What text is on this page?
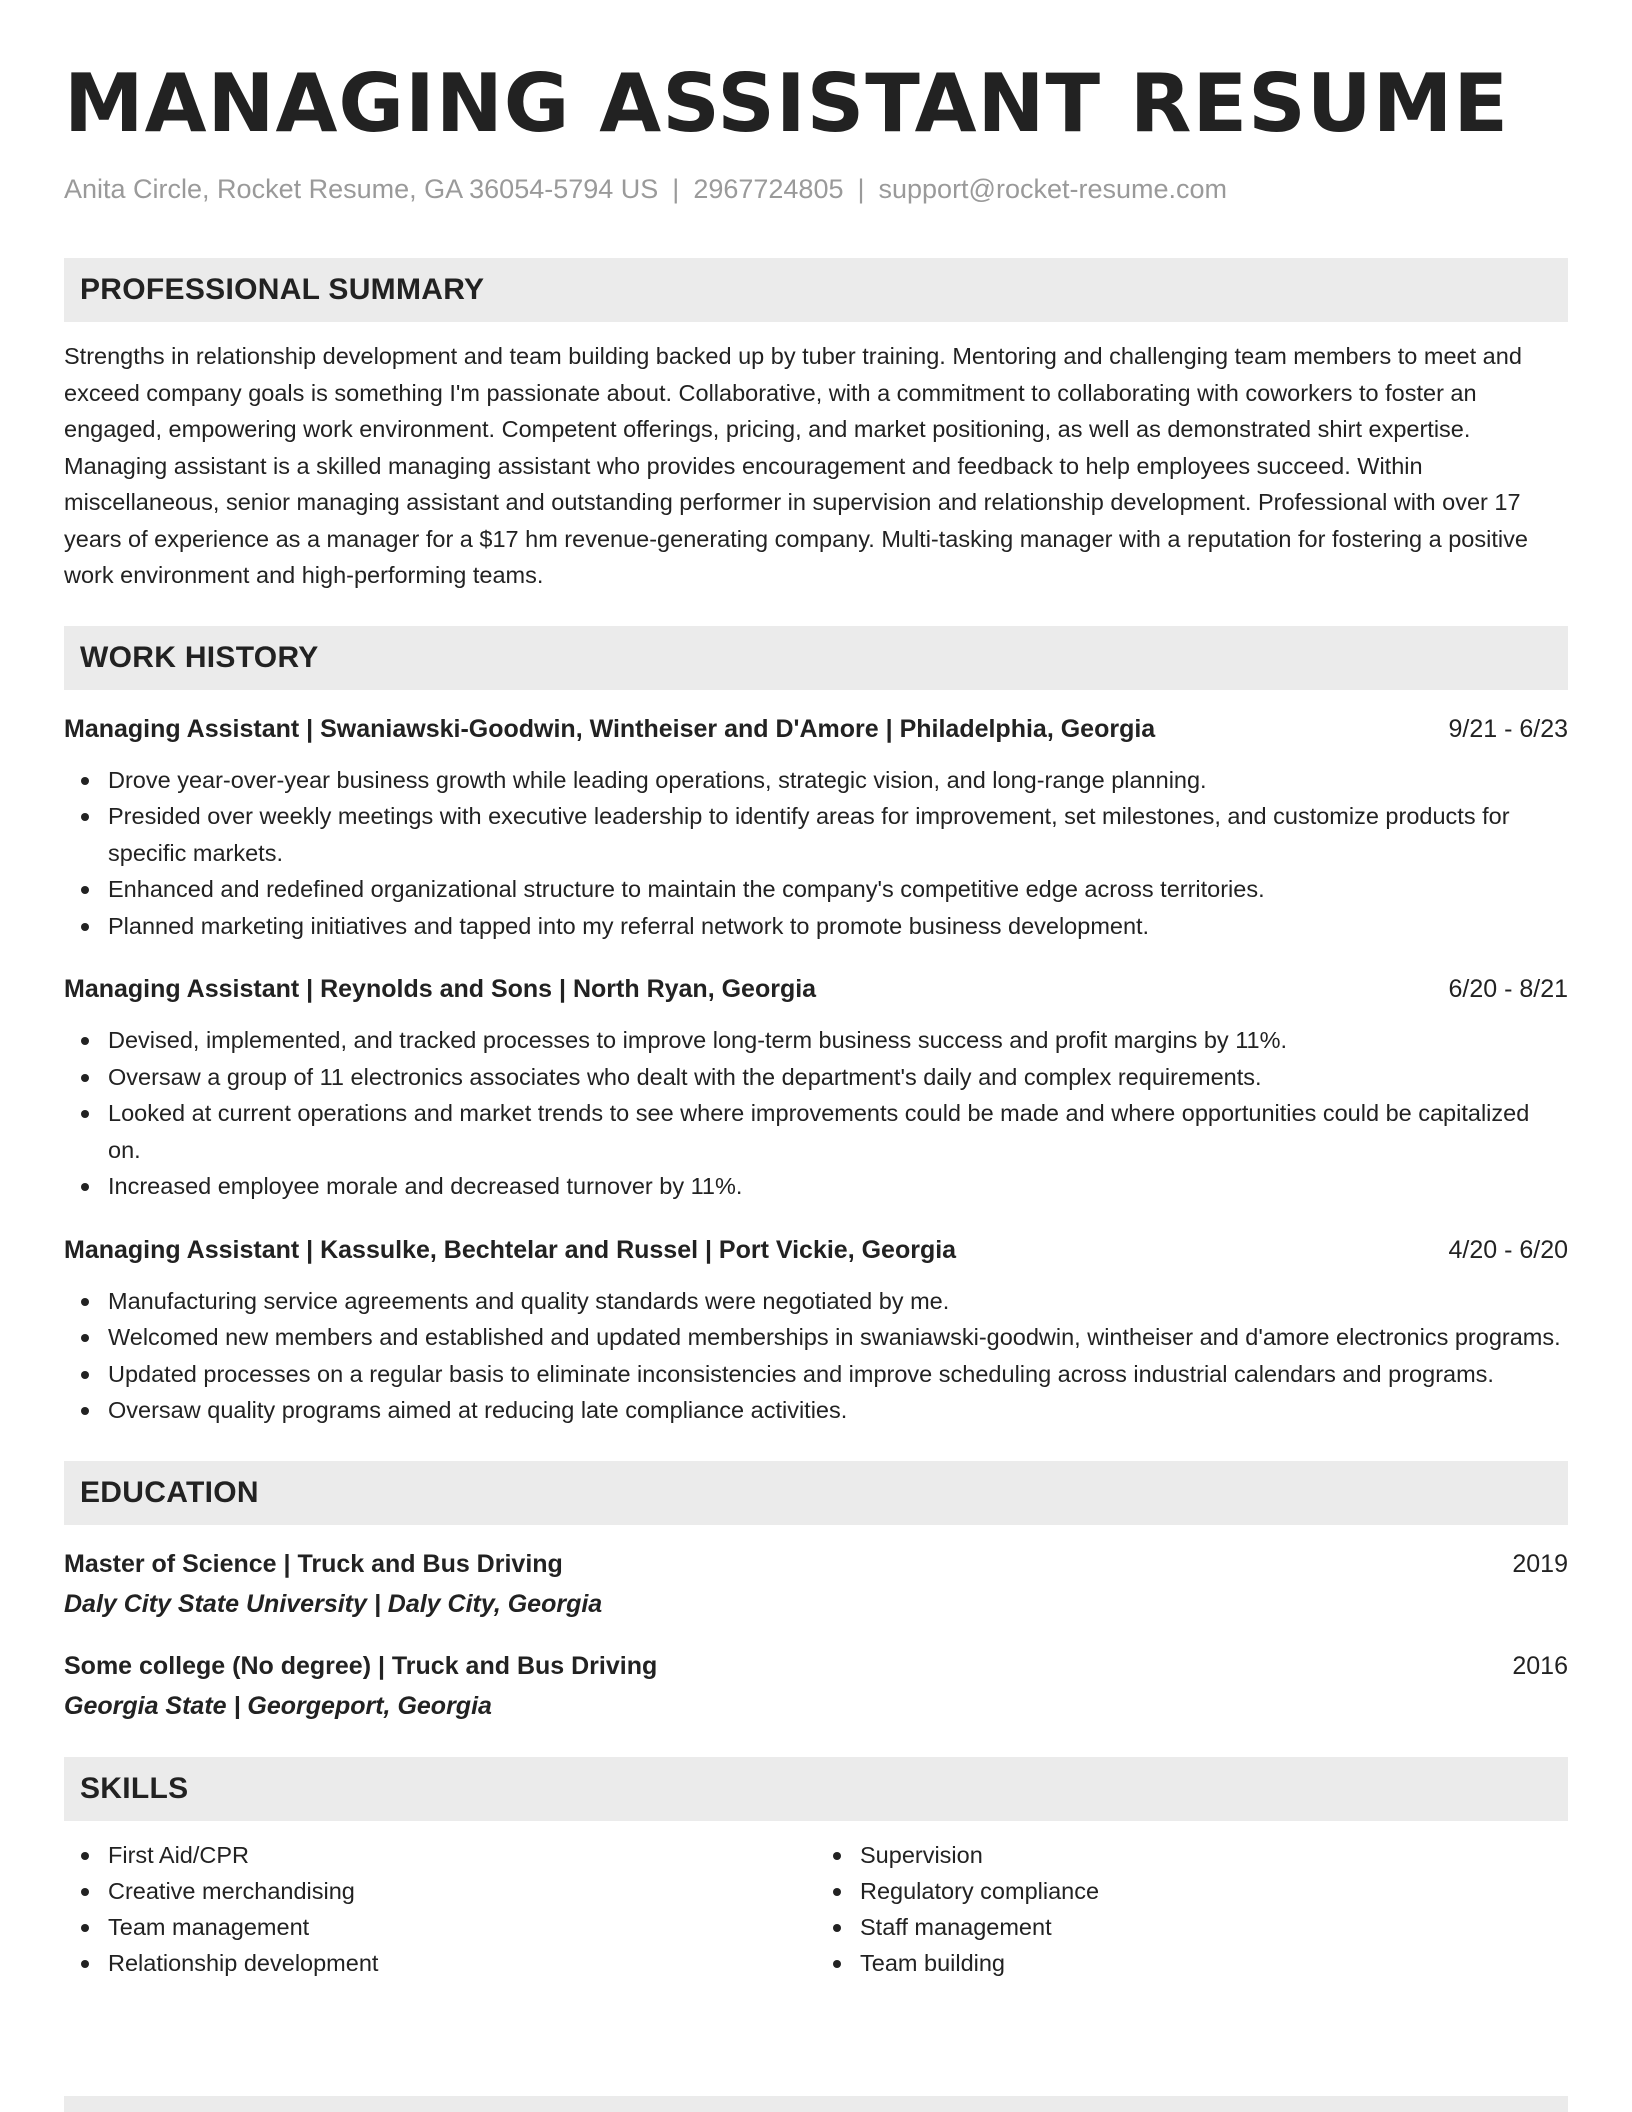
MANAGING ASSISTANT RESUME
Anita Circle, Rocket Resume, GA 36054-5794 US | 2967724805 | support@rocket-resume.com
PROFESSIONAL SUMMARY

Strengths in relationship development and team building backed up by tuber training. Mentoring and challenging team members to meet and exceed company goals is something I'm passionate about. Collaborative, with a commitment to collaborating with coworkers to foster an engaged, empowering work environment. Competent offerings, pricing, and market positioning, as well as demonstrated shirt expertise. Managing assistant is a skilled managing assistant who provides encouragement and feedback to help employees succeed. Within miscellaneous, senior managing assistant and outstanding performer in supervision and relationship development. Professional with over 17 years of experience as a manager for a $17 hm revenue-generating company. Multi-tasking manager with a reputation for fostering a positive work environment and high-performing teams.

WORK HISTORY
Managing Assistant | Swaniawski-Goodwin, Wintheiser and D'Amore | Philadelphia, Georgia	9/21 - 6/23
Drove year-over-year business growth while leading operations, strategic vision, and long-range planning.
Presided over weekly meetings with executive leadership to identify areas for improvement, set milestones, and customize products for specific markets.
Enhanced and redefined organizational structure to maintain the company's competitive edge across territories.
Planned marketing initiatives and tapped into my referral network to promote business development.
Managing Assistant | Reynolds and Sons | North Ryan, Georgia	6/20 - 8/21
Devised, implemented, and tracked processes to improve long-term business success and profit margins by 11%.
Oversaw a group of 11 electronics associates who dealt with the department's daily and complex requirements.
Looked at current operations and market trends to see where improvements could be made and where opportunities could be capitalized on.
Increased employee morale and decreased turnover by 11%.
Managing Assistant | Kassulke, Bechtelar and Russel | Port Vickie, Georgia	4/20 - 6/20
Manufacturing service agreements and quality standards were negotiated by me.
Welcomed new members and established and updated memberships in swaniawski-goodwin, wintheiser and d'amore electronics programs.
Updated processes on a regular basis to eliminate inconsistencies and improve scheduling across industrial calendars and programs.
Oversaw quality programs aimed at reducing late compliance activities.
EDUCATION
Master of Science | Truck and Bus Driving	2019
Daly City State University | Daly City, Georgia
Some college (No degree) | Truck and Bus Driving	2016
Georgia State | Georgeport, Georgia
SKILLS
First Aid/CPR
Creative merchandising
Team management
Relationship development
Supervision
Regulatory compliance
Staff management
Team building
